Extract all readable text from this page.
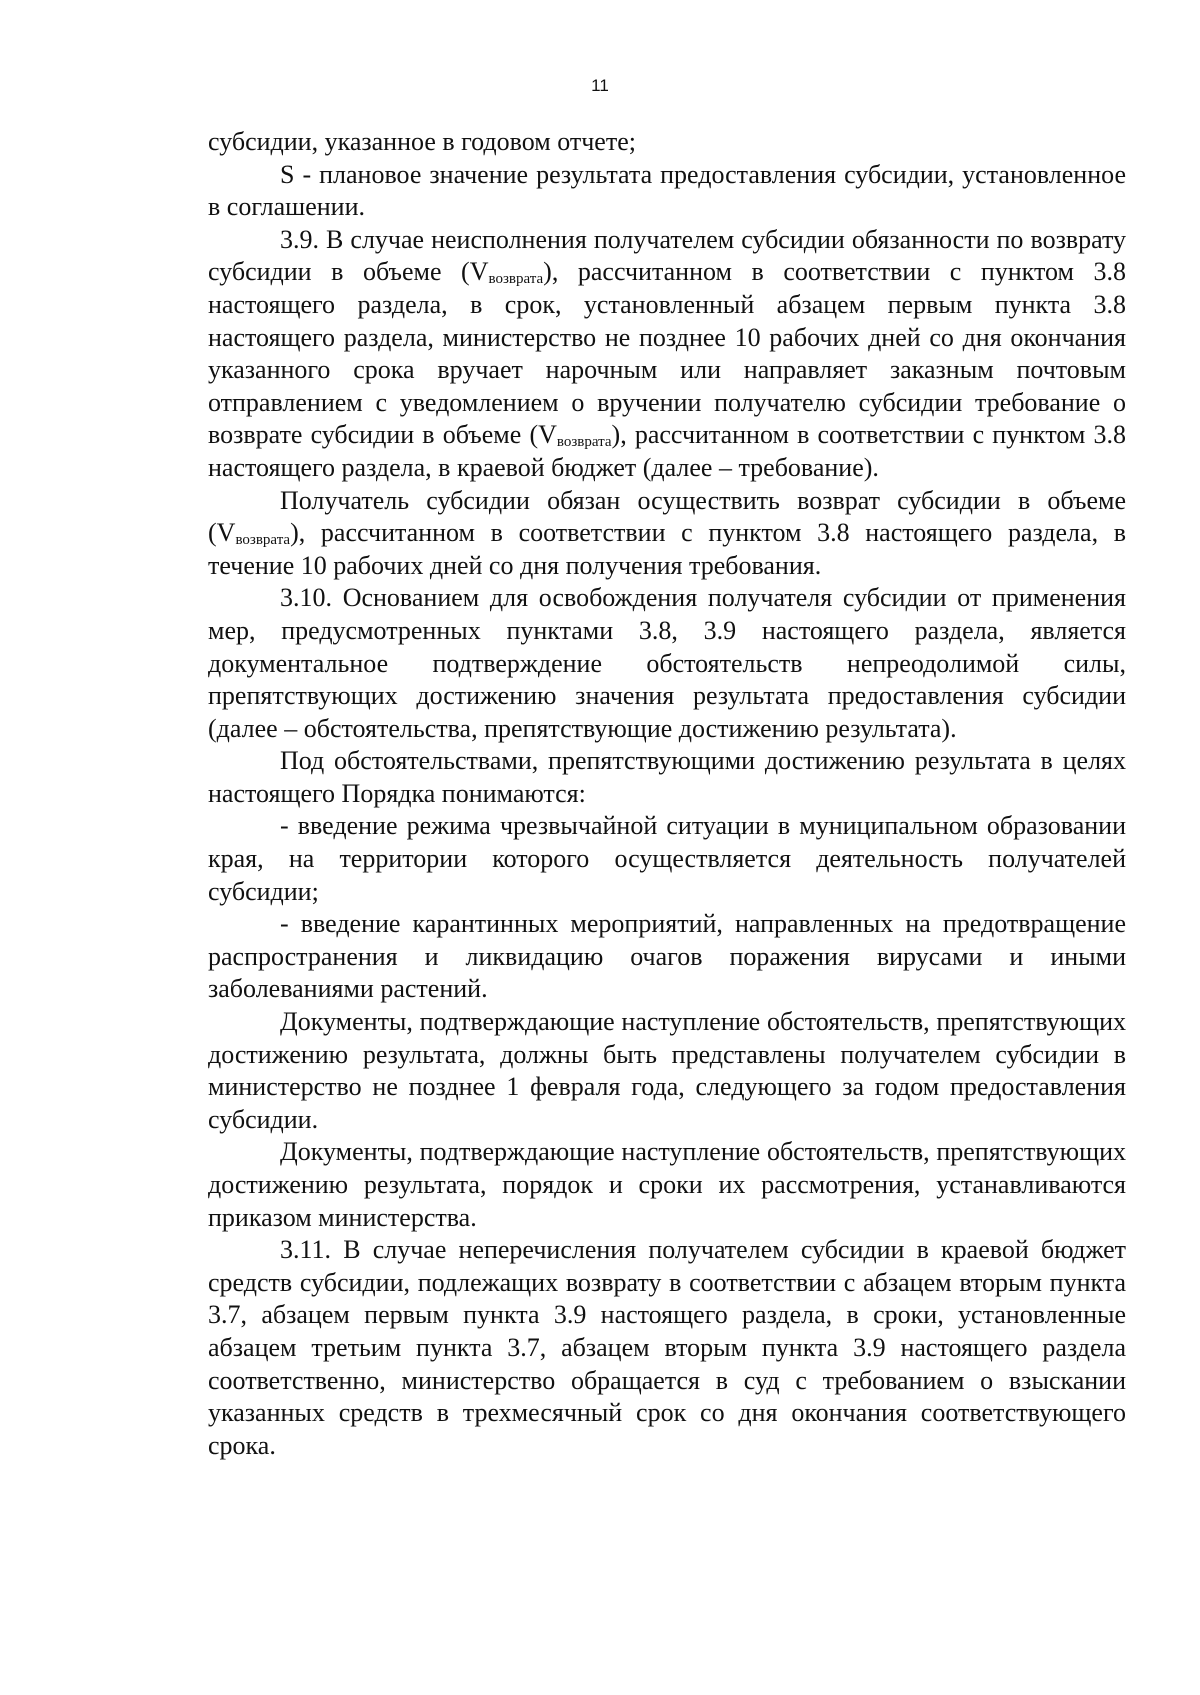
11

субсидии, указанное в годовом отчете;

S - плановое значение результата предоставления субсидии, установленное в соглашении.

3.9. В случае неисполнения получателем субсидии обязанности по возврату субсидии в объеме $(V_{возврата})$, рассчитанном в соответствии с пунктом 3.8 настоящего раздела, в срок, установленный абзацем первым пункта 3.8 настоящего раздела, министерство не позднее 10 рабочих дней со дня окончания указанного срока вручает нарочным или направляет заказным почтовым отправлением с уведомлением о вручении получателю субсидии требование о возврате субсидии в объеме $(V_{возврата})$, рассчитанном в соответствии с пунктом 3.8 настоящего раздела, в краевой бюджет (далее – требование).

Получатель субсидии обязан осуществить возврат субсидии в объеме $(V_{возврата})$, рассчитанном в соответствии с пунктом 3.8 настоящего раздела, в течение 10 рабочих дней со дня получения требования.

3.10. Основанием для освобождения получателя субсидии от применения мер, предусмотренных пунктами 3.8, 3.9 настоящего раздела, является документальное подтверждение обстоятельств непреодолимой силы, препятствующих достижению значения результата предоставления субсидии (далее – обстоятельства, препятствующие достижению результата).

Под обстоятельствами, препятствующими достижению результата в целях настоящего Порядка понимаются:

- введение режима чрезвычайной ситуации в муниципальном образовании края, на территории которого осуществляется деятельность получателей субсидии;

- введение карантинных мероприятий, направленных на предотвращение распространения и ликвидацию очагов поражения вирусами и иными заболеваниями растений.

Документы, подтверждающие наступление обстоятельств, препятствующих достижению результата, должны быть представлены получателем субсидии в министерство не позднее 1 февраля года, следующего за годом предоставления субсидии.

Документы, подтверждающие наступление обстоятельств, препятствующих достижению результата, порядок и сроки их рассмотрения, устанавливаются приказом министерства.

3.11. В случае неперечисления получателем субсидии в краевой бюджет средств субсидии, подлежащих возврату в соответствии с абзацем вторым пункта 3.7, абзацем первым пункта 3.9 настоящего раздела, в сроки, установленные абзацем третьим пункта 3.7, абзацем вторым пункта 3.9 настоящего раздела соответственно, министерство обращается в суд с требованием о взыскании указанных средств в трехмесячный срок со дня окончания соответствующего срока.
